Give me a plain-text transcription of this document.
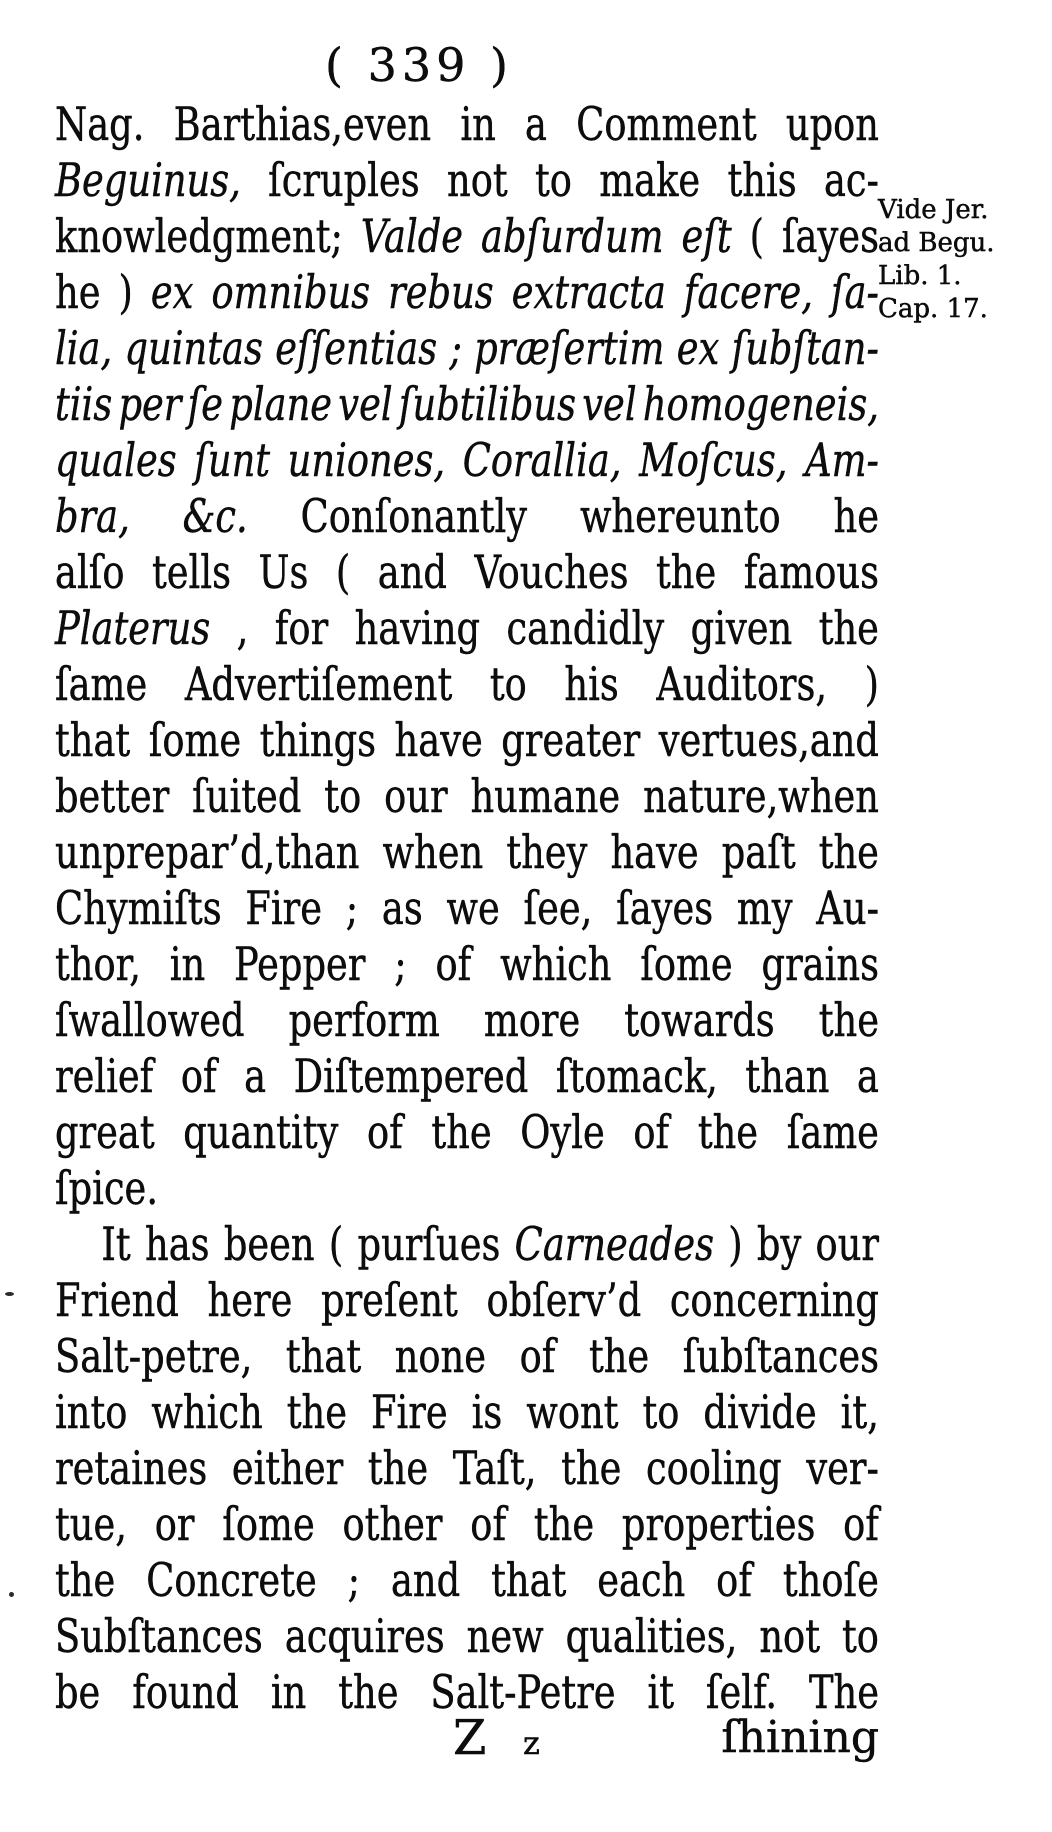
( 339 )
Vide Jer.
ad Begu.
Lib. 1.
Cap. 17.
Nag. Barthias,even in a Comment upon
Beguinus, ſcruples not to make this ac-
knowledgment; Valde abſurdum eſt ( ſayes
he ) ex omnibus rebus extracta facere, ſa-
lia, quintas eſſentias ; præſertim ex ſubſtan-
tiis per ſe plane vel ſubtilibus vel homogeneis,
quales ſunt uniones, Corallia, Moſcus, Am-
bra, &c. Conſonantly whereunto he
alſo tells Us ( and Vouches the famous
Platerus , for having candidly given the
ſame Advertiſement to his Auditors, )
that ſome things have greater vertues,and
better ſuited to our humane nature,when
unprepar’d,than when they have paſt the
Chymiſts Fire ; as we ſee, ſayes my Au-
thor, in Pepper ; of which ſome grains
ſwallowed perform more towards the
relief of a Diſtempered ſtomack, than a
great quantity of the Oyle of the ſame
ſpice.
It has been ( purſues Carneades ) by our
Friend here preſent obſerv’d concerning
Salt-petre, that none of the ſubſtances
into which the Fire is wont to divide it,
retaines either the Taſt, the cooling ver-
tue, or ſome other of the properties of
the Concrete ; and that each of thoſe
Subſtances acquires new qualities, not to
be found in the Salt-Petre it ſelf. The
Z z	ſhining
